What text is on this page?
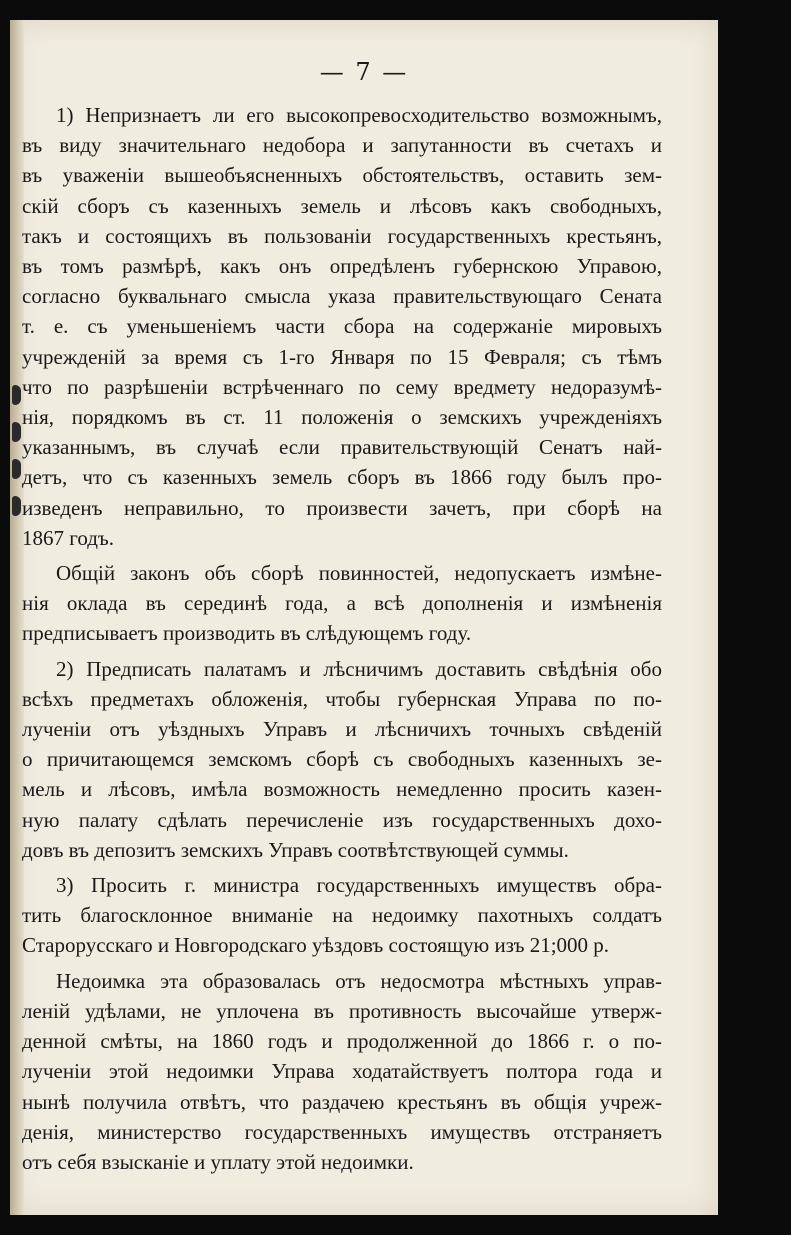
— 7 —
1) Непризнаетъ ли его высокопревосходительство возможнымъ,
въ виду значительнаго недобора и запутанности въ счетахъ и
въ уваженіи вышеобъясненныхъ обстоятельствъ, оставить зем-
скій сборъ съ казенныхъ земель и лѣсовъ какъ свободныхъ,
такъ и состоящихъ въ пользованіи государственныхъ крестьянъ,
въ томъ размѣрѣ, какъ онъ опредѣленъ губернскою Управою,
согласно буквальнаго смысла указа правительствующаго Сената
т. е. съ уменьшеніемъ части сбора на содержаніе мировыхъ
учрежденій за время съ 1-го Января по 15 Февраля; съ тѣмъ
что по разрѣшеніи встрѣченнаго по сему вредмету недоразумѣ-
нія, порядкомъ въ ст. 11 положенія о земскихъ учрежденіяхъ
указаннымъ, въ случаѣ если правительствующій Сенатъ най-
детъ, что съ казенныхъ земель сборъ въ 1866 году былъ про-
изведенъ неправильно, то произвести зачетъ, при сборѣ на
1867 годъ.
Общій законъ объ сборѣ повинностей, недопускаетъ измѣне-
нія оклада въ серединѣ года, а всѣ дополненія и измѣненія
предписываетъ производить въ слѣдующемъ году.
2) Предписать палатамъ и лѣсничимъ доставить свѣдѣнія обо
всѣхъ предметахъ обложенія, чтобы губернская Управа по по-
лученіи отъ уѣздныхъ Управъ и лѣсничихъ точныхъ свѣденій
о причитающемся земскомъ сборѣ съ свободныхъ казенныхъ зе-
мель и лѣсовъ, имѣла возможность немедленно просить казен-
ную палату сдѣлать перечисленіе изъ государственныхъ дохо-
довъ въ депозитъ земскихъ Управъ соотвѣтствующей суммы.
3) Просить г. министра государственныхъ имуществъ обра-
тить благосклонное вниманіе на недоимку пахотныхъ солдатъ
Старорусскаго и Новгородскаго уѣздовъ состоящую изъ 21;000 р.
Недоимка эта образовалась отъ недосмотра мѣстныхъ управ-
леній удѣлами, не уплочена въ противность высочайше утверж-
денной смѣты, на 1860 годъ и продолженной до 1866 г. о по-
лученіи этой недоимки Управа ходатайствуетъ полтора года и
нынѣ получила отвѣтъ, что раздачею крестьянъ въ общія учреж-
денія, министерство государственныхъ имуществъ отстраняетъ
отъ себя взысканіе и уплату этой недоимки.
